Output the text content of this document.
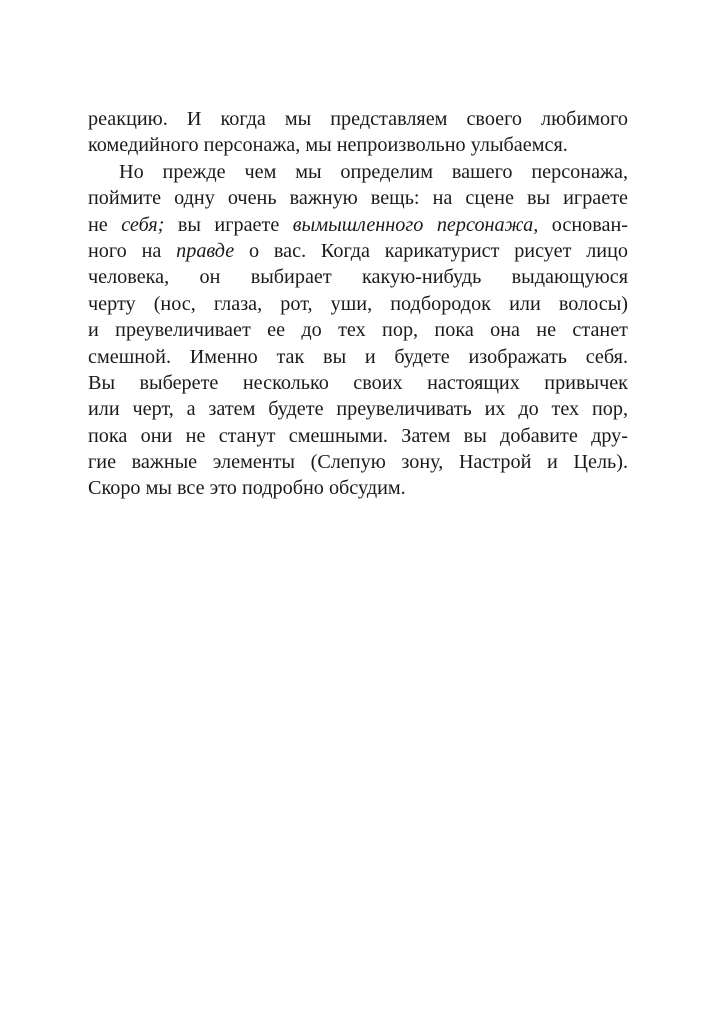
реакцию. И когда мы представляем своего любимого
комедийного персонажа, мы непроизвольно улыбаемся.
Но прежде чем мы определим вашего персонажа,
поймите одну очень важную вещь: на сцене вы играете
не себя; вы играете вымышленного персонажа, основан-
ного на правде о вас. Когда карикатурист рисует лицо
человека, он выбирает какую-нибудь выдающуюся
черту (нос, глаза, рот, уши, подбородок или волосы)
и преувеличивает ее до тех пор, пока она не станет
смешной. Именно так вы и будете изображать себя.
Вы выберете несколько своих настоящих привычек
или черт, а затем будете преувеличивать их до тех пор,
пока они не станут смешными. Затем вы добавите дру-
гие важные элементы (Слепую зону, Настрой и Цель).
Скоро мы все это подробно обсудим.
